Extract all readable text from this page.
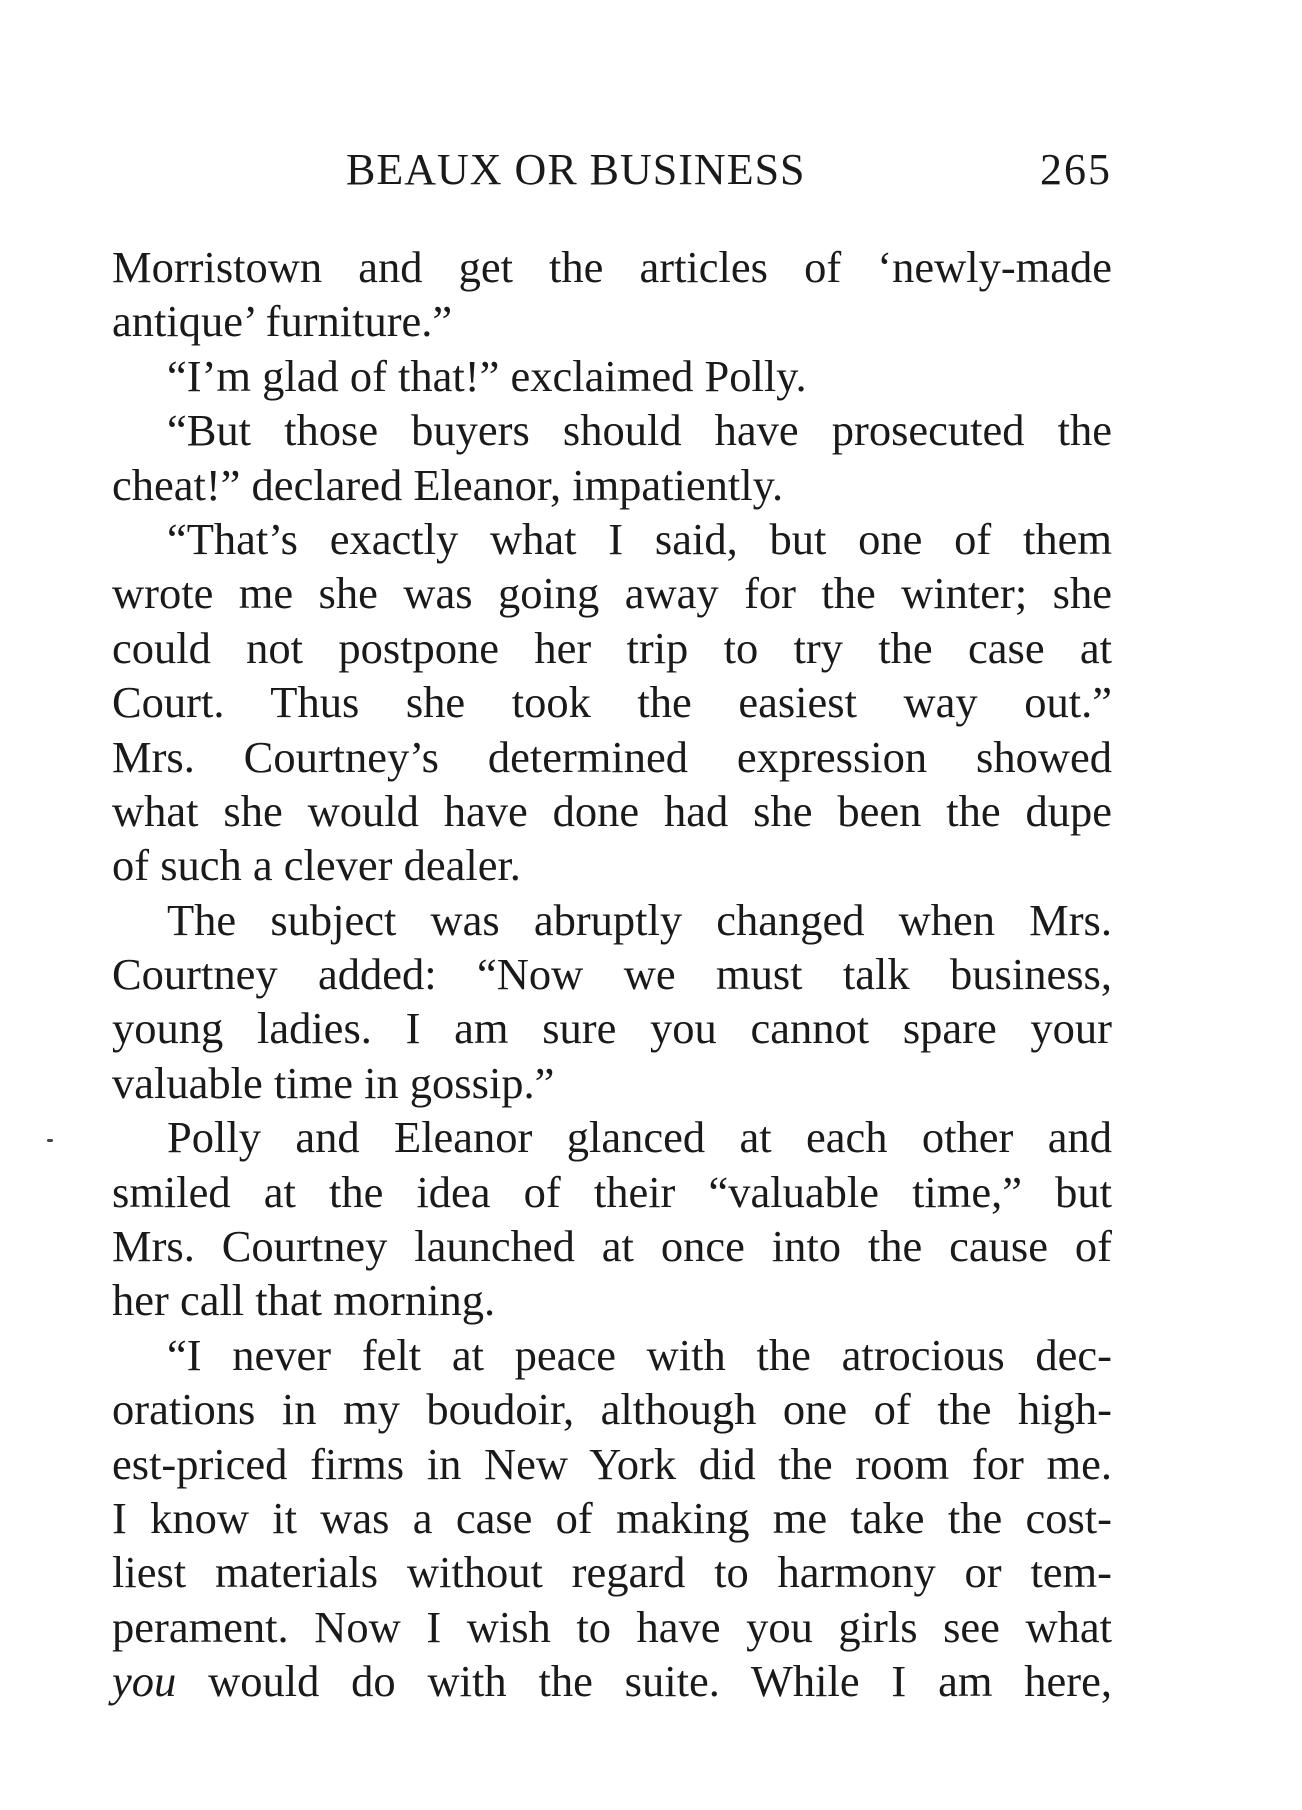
BEAUX OR BUSINESS	265
Morristown and get the articles of ‘newly-made
antique’ furniture.”
“I’m glad of that!” exclaimed Polly.
“But those buyers should have prosecuted the
cheat!” declared Eleanor, impatiently.
“That’s exactly what I said, but one of them
wrote me she was going away for the winter; she
could not postpone her trip to try the case at
Court. Thus she took the easiest way out.”
Mrs. Courtney’s determined expression showed
what she would have done had she been the dupe
of such a clever dealer.
The subject was abruptly changed when Mrs.
Courtney added: “Now we must talk business,
young ladies. I am sure you cannot spare your
valuable time in gossip.”
Polly and Eleanor glanced at each other and
smiled at the idea of their “valuable time,” but
Mrs. Courtney launched at once into the cause of
her call that morning.
“I never felt at peace with the atrocious dec-
orations in my boudoir, although one of the high-
est-priced firms in New York did the room for me.
I know it was a case of making me take the cost-
liest materials without regard to harmony or tem-
perament. Now I wish to have you girls see what
you would do with the suite. While I am here,
